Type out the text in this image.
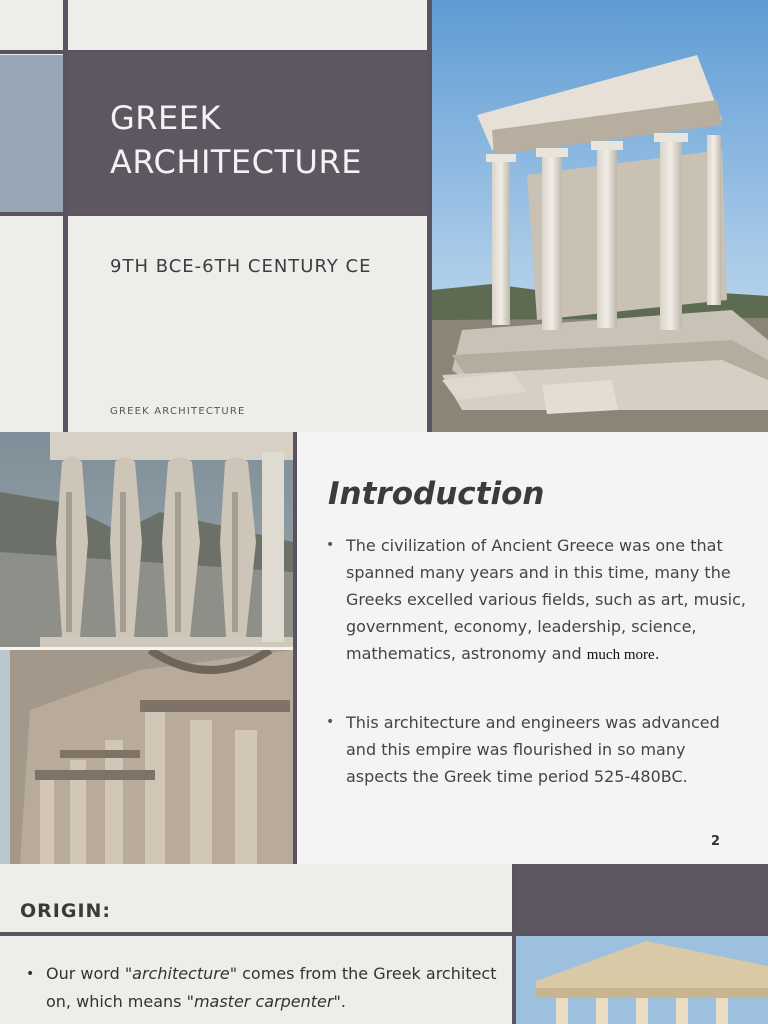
GREEK
ARCHITECTURE
9TH BCE-6TH CENTURY CE
GREEK ARCHITECTURE
Introduction
• The civilization of Ancient Greece was one that spanned many years and in this time, many the Greeks excelled various fields, such as art, music, government, economy, leadership, science, mathematics, astronomy and much more.
• This architecture and engineers was advanced and this empire was flourished in so many aspects the Greek time period 525-480BC.
2
ORIGIN:
• Our word "architecture" comes from the Greek architect on, which means "master carpenter".
